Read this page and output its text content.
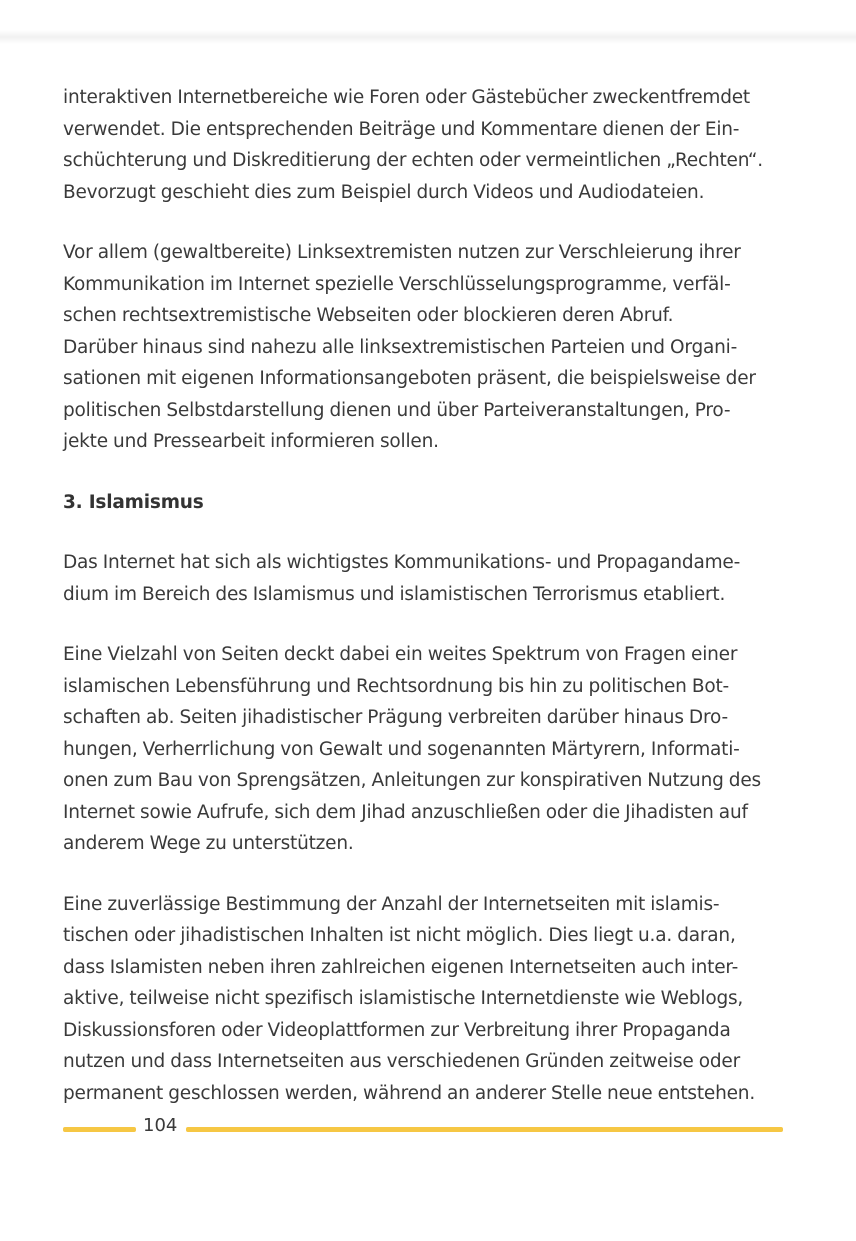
interaktiven Internetbereiche wie Foren oder Gästebücher zweckentfremdet
verwendet. Die entsprechenden Beiträge und Kommentare dienen der Ein-
schüchterung und Diskreditierung der echten oder vermeintlichen „Rechten“.
Bevorzugt geschieht dies zum Beispiel durch Videos und Audiodateien.

Vor allem (gewaltbereite) Linksextremisten nutzen zur Verschleierung ihrer
Kommunikation im Internet spezielle Verschlüsselungsprogramme, verfäl-
schen rechtsextremistische Webseiten oder blockieren deren Abruf.
Darüber hinaus sind nahezu alle linksextremistischen Parteien und Organi-
sationen mit eigenen Informationsangeboten präsent, die beispielsweise der
politischen Selbstdarstellung dienen und über Parteiveranstaltungen, Pro-
jekte und Pressearbeit informieren sollen.

3. Islamismus

Das Internet hat sich als wichtigstes Kommunikations- und Propagandame-
dium im Bereich des Islamismus und islamistischen Terrorismus etabliert.

Eine Vielzahl von Seiten deckt dabei ein weites Spektrum von Fragen einer
islamischen Lebensführung und Rechtsordnung bis hin zu politischen Bot-
schaften ab. Seiten jihadistischer Prägung verbreiten darüber hinaus Dro-
hungen, Verherrlichung von Gewalt und sogenannten Märtyrern, Informati-
onen zum Bau von Sprengsätzen, Anleitungen zur konspirativen Nutzung des
Internet sowie Aufrufe, sich dem Jihad anzuschließen oder die Jihadisten auf
anderem Wege zu unterstützen.

Eine zuverlässige Bestimmung der Anzahl der Internetseiten mit islamis-
tischen oder jihadistischen Inhalten ist nicht möglich. Dies liegt u.a. daran,
dass Islamisten neben ihren zahlreichen eigenen Internetseiten auch inter-
aktive, teilweise nicht spezifisch islamistische Internetdienste wie Weblogs,
Diskussionsforen oder Videoplattformen zur Verbreitung ihrer Propaganda
nutzen und dass Internetseiten aus verschiedenen Gründen zeitweise oder
permanent geschlossen werden, während an anderer Stelle neue entstehen.

104
